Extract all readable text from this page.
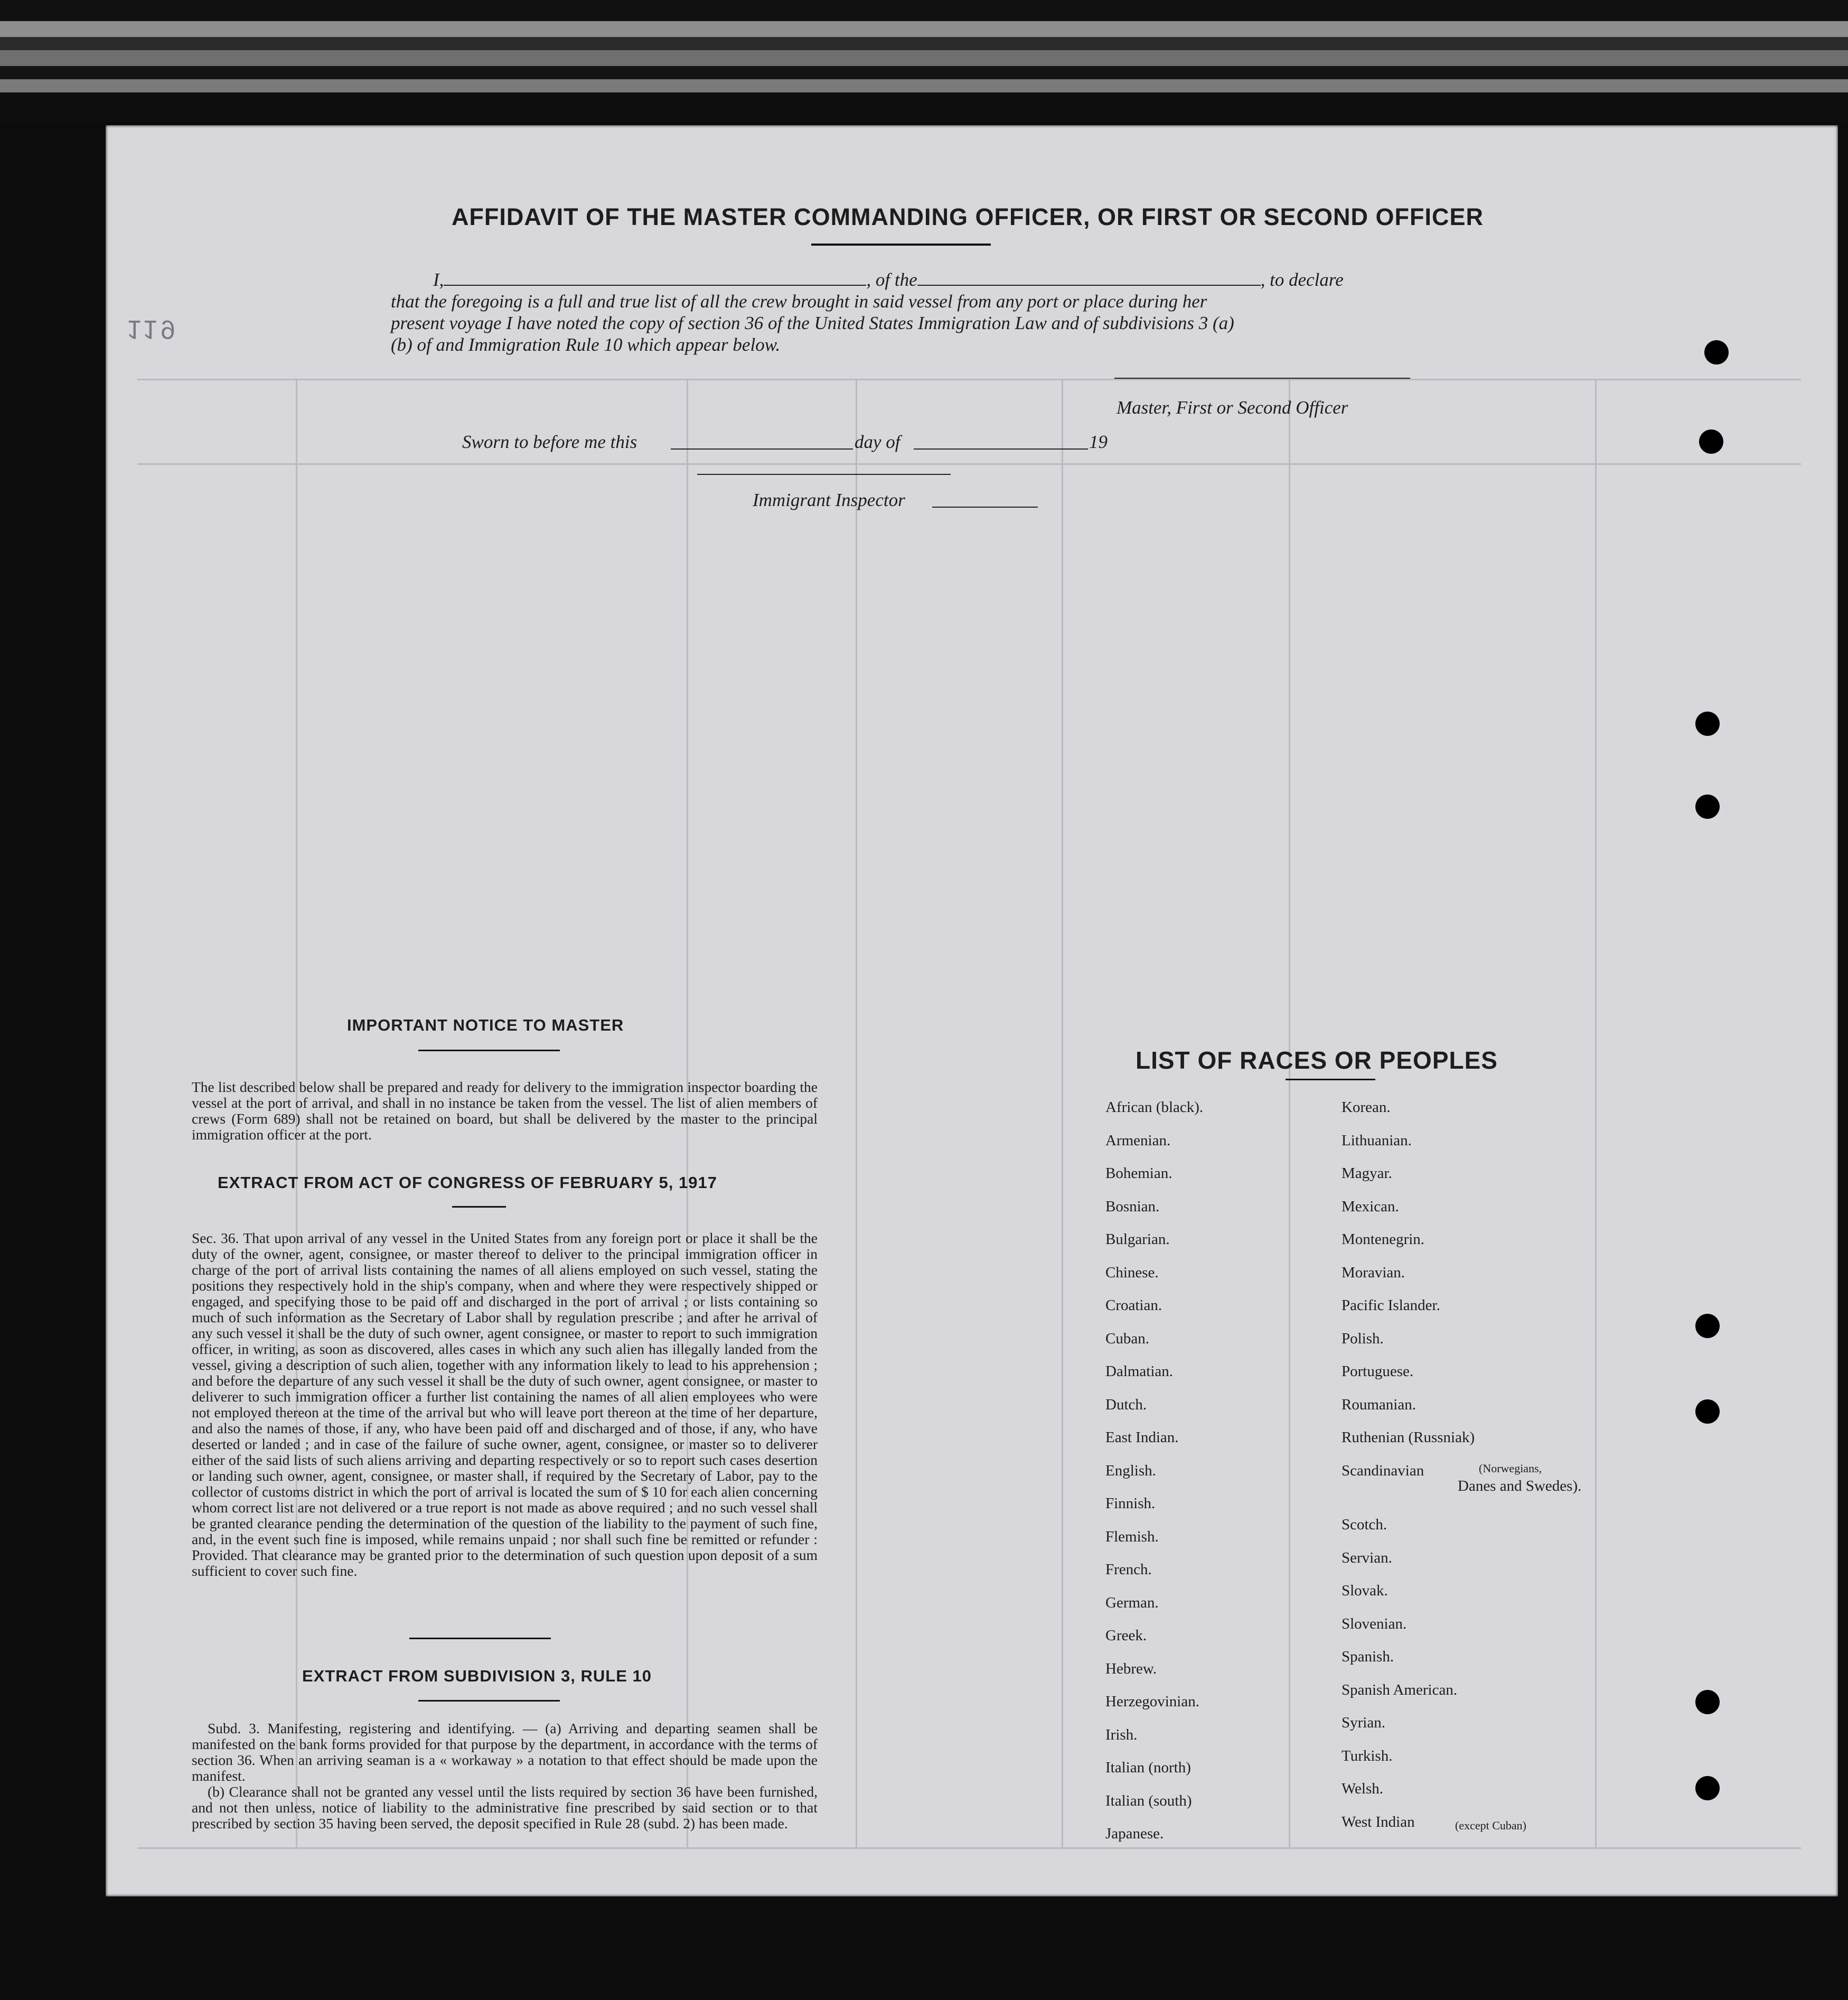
119
AFFIDAVIT OF THE MASTER COMMANDING OFFICER, OR FIRST OR SECOND OFFICER
I,	, of the	, to declare
that the foregoing is a full and true list of all the crew brought in said vessel from any port or place during her
present voyage I have noted the copy of section 36 of the United States Immigration Law and of subdivisions 3 (a)
(b) of and Immigration Rule 10 which appear below.
Master, First or Second Officer
Sworn to before me this	day of	19
Immigrant Inspector
IMPORTANT NOTICE TO MASTER
The list described below shall be prepared and ready for delivery to the immigration inspector boarding the vessel at the port of arrival, and shall in no instance be taken from the vessel. The list of alien members of crews (Form 689) shall not be retained on board, but shall be delivered by the master to the principal immigration officer at the port.
EXTRACT FROM ACT OF CONGRESS OF FEBRUARY 5, 1917
Sec. 36. That upon arrival of any vessel in the United States from any foreign port or place it shall be the duty of the owner, agent, consignee, or master thereof to deliver to the principal immigration officer in charge of the port of arrival lists containing the names of all aliens employed on such vessel, stating the positions they respectively hold in the ship's company, when and where they were respectively shipped or engaged, and specifying those to be paid off and discharged in the port of arrival ; or lists containing so much of such information as the Secretary of Labor shall by regulation prescribe ; and after he arrival of any such vessel it shall be the duty of such owner, agent consignee, or master to report to such immigration officer, in writing, as soon as discovered, alles cases in which any such alien has illegally landed from the vessel, giving a description of such alien, together with any information likely to lead to his apprehension ; and before the departure of any such vessel it shall be the duty of such owner, agent consignee, or master to deliverer to such immigration officer a further list containing the names of all alien employees who were not employed thereon at the time of the arrival but who will leave port thereon at the time of her departure, and also the names of those, if any, who have been paid off and discharged and of those, if any, who have deserted or landed ; and in case of the failure of suche owner, agent, consignee, or master so to deliverer either of the said lists of such aliens arriving and departing respectively or so to report such cases desertion or landing such owner, agent, consignee, or master shall, if required by the Secretary of Labor, pay to the collector of customs district in which the port of arrival is located the sum of $ 10 for each alien concerning whom correct list are not delivered or a true report is not made as above required ; and no such vessel shall be granted clearance pending the determination of the question of the liability to the payment of such fine, and, in the event such fine is imposed, while remains unpaid ; nor shall such fine be remitted or refunder : Provided. That clearance may be granted prior to the determination of such question upon deposit of a sum sufficient to cover such fine.
EXTRACT FROM SUBDIVISION 3, RULE 10
Subd. 3. Manifesting, registering and identifying. — (a) Arriving and departing seamen shall be manifested on the bank forms provided for that purpose by the department, in accordance with the terms of section 36. When an arriving seaman is a « workaway » a notation to that effect should be made upon the manifest.
(b) Clearance shall not be granted any vessel until the lists required by section 36 have been furnished, and not then unless, notice of liability to the administrative fine prescribed by said section or to that prescribed by section 35 having been served, the deposit specified in Rule 28 (subd. 2) has been made.
LIST OF RACES OR PEOPLES
(Norwegians,
Danes and Swedes).
(except Cuban)
African (black).
Armenian.
Bohemian.
Bosnian.
Bulgarian.
Chinese.
Croatian.
Cuban.
Dalmatian.
Dutch.
East Indian.
English.
Finnish.
Flemish.
French.
German.
Greek.
Hebrew.
Herzegovinian.
Irish.
Italian (north)
Italian (south)
Japanese.
Korean.
Lithuanian.
Magyar.
Mexican.
Montenegrin.
Moravian.
Pacific Islander.
Polish.
Portuguese.
Roumanian.
Ruthenian (Russniak)
Scandinavian
Scotch.
Servian.
Slovak.
Slovenian.
Spanish.
Spanish American.
Syrian.
Turkish.
Welsh.
West Indian
